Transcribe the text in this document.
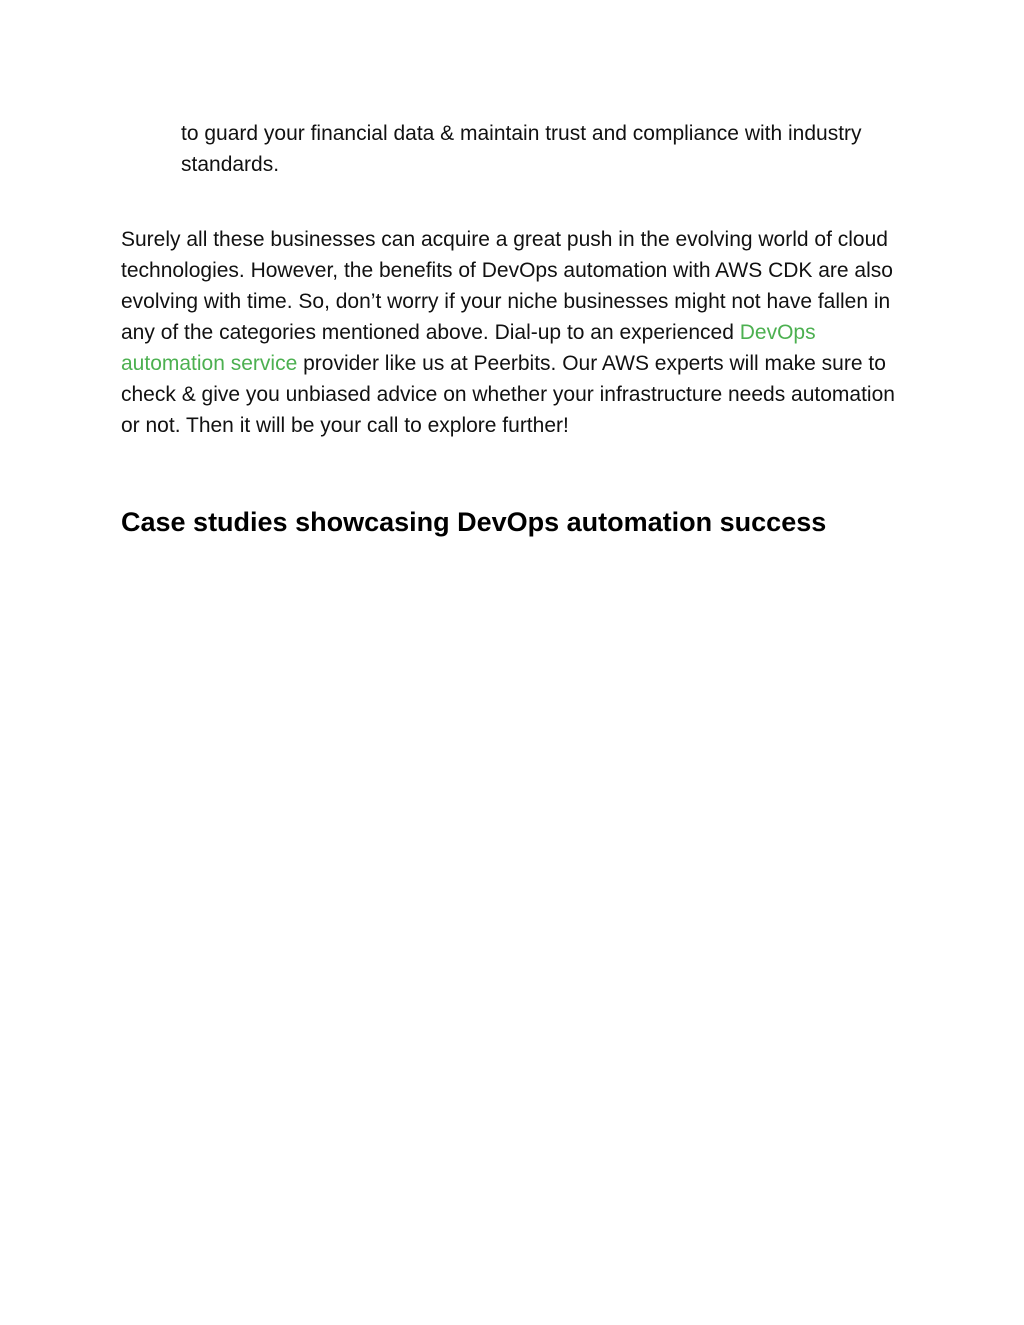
to guard your financial data & maintain trust and compliance with industry standards.

Surely all these businesses can acquire a great push in the evolving world of cloud technologies. However, the benefits of DevOps automation with AWS CDK are also evolving with time. So, don’t worry if your niche businesses might not have fallen in any of the categories mentioned above. Dial-up to an experienced DevOps automation service provider like us at Peerbits. Our AWS experts will make sure to check & give you unbiased advice on whether your infrastructure needs automation or not. Then it will be your call to explore further!

Case studies showcasing DevOps automation success
